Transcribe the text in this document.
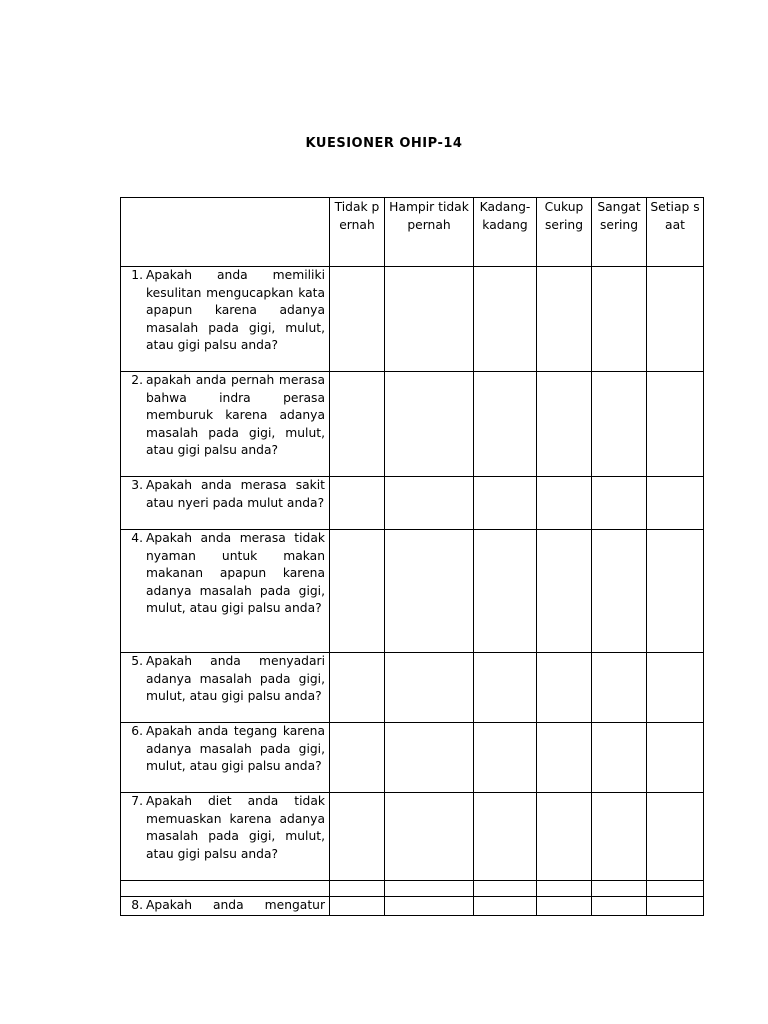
KUESIONER OHIP-14
	Tidak pernah	Hampir tidak pernah	Kadang-kadang	Cukup sering	Sangat sering	Setiap saat

1. Apakah anda memiliki kesulitan mengucapkan kata apapun karena adanya masalah pada gigi, mulut, atau gigi palsu anda?						

2. apakah anda pernah merasa bahwa indra perasa memburuk karena adanya masalah pada gigi, mulut, atau gigi palsu anda?						

3. Apakah anda merasa sakit atau nyeri pada mulut anda?						

4. Apakah anda merasa tidak nyaman untuk makan makanan apapun karena adanya masalah pada gigi, mulut, atau gigi palsu anda?						

5. Apakah anda menyadari adanya masalah pada gigi, mulut, atau gigi palsu anda?						

6. Apakah anda tegang karena adanya masalah pada gigi, mulut, atau gigi palsu anda?						

7. Apakah diet anda tidak memuaskan karena adanya masalah pada gigi, mulut, atau gigi palsu anda?						

8. Apakah anda mengatur						
